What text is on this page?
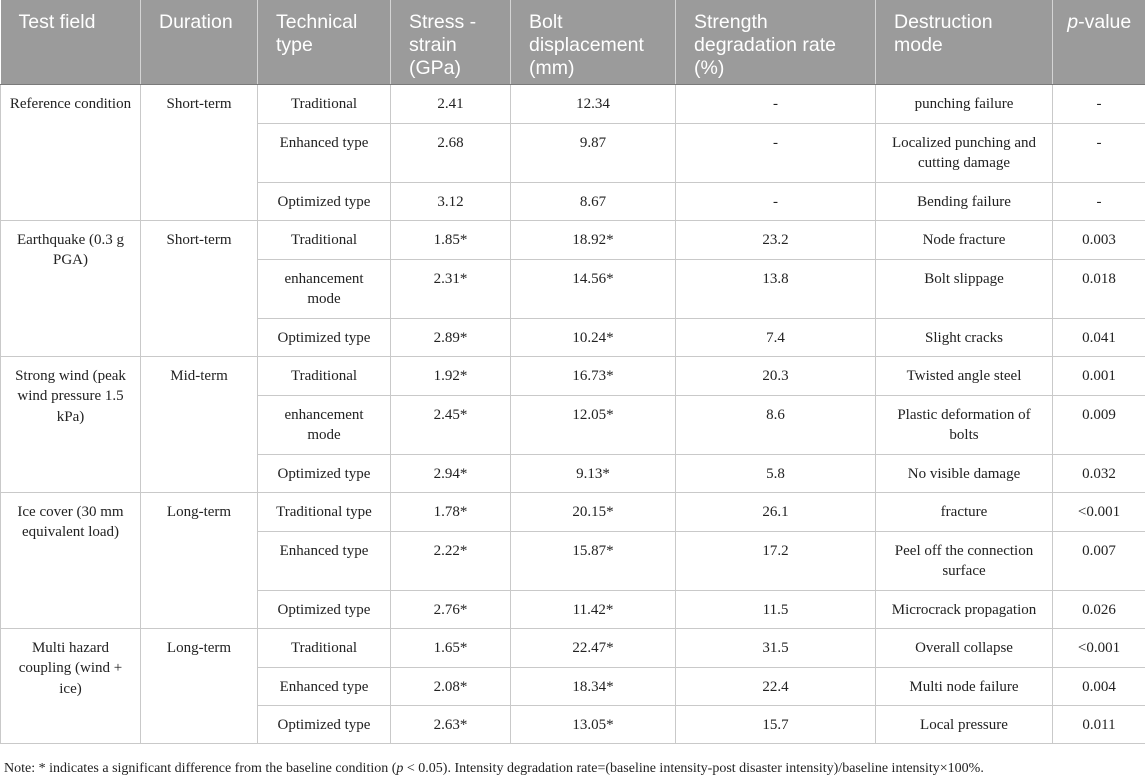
Test field	Duration	Technical type	Stress -strain (GPa)	Bolt displacement (mm)	Strength degradation rate (%)	Destruction mode	p-value
Reference condition	Short-term	Traditional	2.41	12.34	-	punching failure	-
		Enhanced type	2.68	9.87	-	Localized punching and cutting damage	-
		Optimized type	3.12	8.67	-	Bending failure	-
Earthquake (0.3 g PGA)	Short-term	Traditional	1.85*	18.92*	23.2	Node fracture	0.003
		enhancement mode	2.31*	14.56*	13.8	Bolt slippage	0.018
		Optimized type	2.89*	10.24*	7.4	Slight cracks	0.041
Strong wind (peak wind pressure 1.5 kPa)	Mid-term	Traditional	1.92*	16.73*	20.3	Twisted angle steel	0.001
		enhancement mode	2.45*	12.05*	8.6	Plastic deformation of bolts	0.009
		Optimized type	2.94*	9.13*	5.8	No visible damage	0.032
Ice cover (30 mm equivalent load)	Long-term	Traditional type	1.78*	20.15*	26.1	fracture	<0.001
		Enhanced type	2.22*	15.87*	17.2	Peel off the connection surface	0.007
		Optimized type	2.76*	11.42*	11.5	Microcrack propagation	0.026
Multi hazard coupling (wind + ice)	Long-term	Traditional	1.65*	22.47*	31.5	Overall collapse	<0.001
		Enhanced type	2.08*	18.34*	22.4	Multi node failure	0.004
		Optimized type	2.63*	13.05*	15.7	Local pressure	0.011
Note: * indicates a significant difference from the baseline condition (p < 0.05). Intensity degradation rate=(baseline intensity-post disaster intensity)/baseline intensity×100%.
